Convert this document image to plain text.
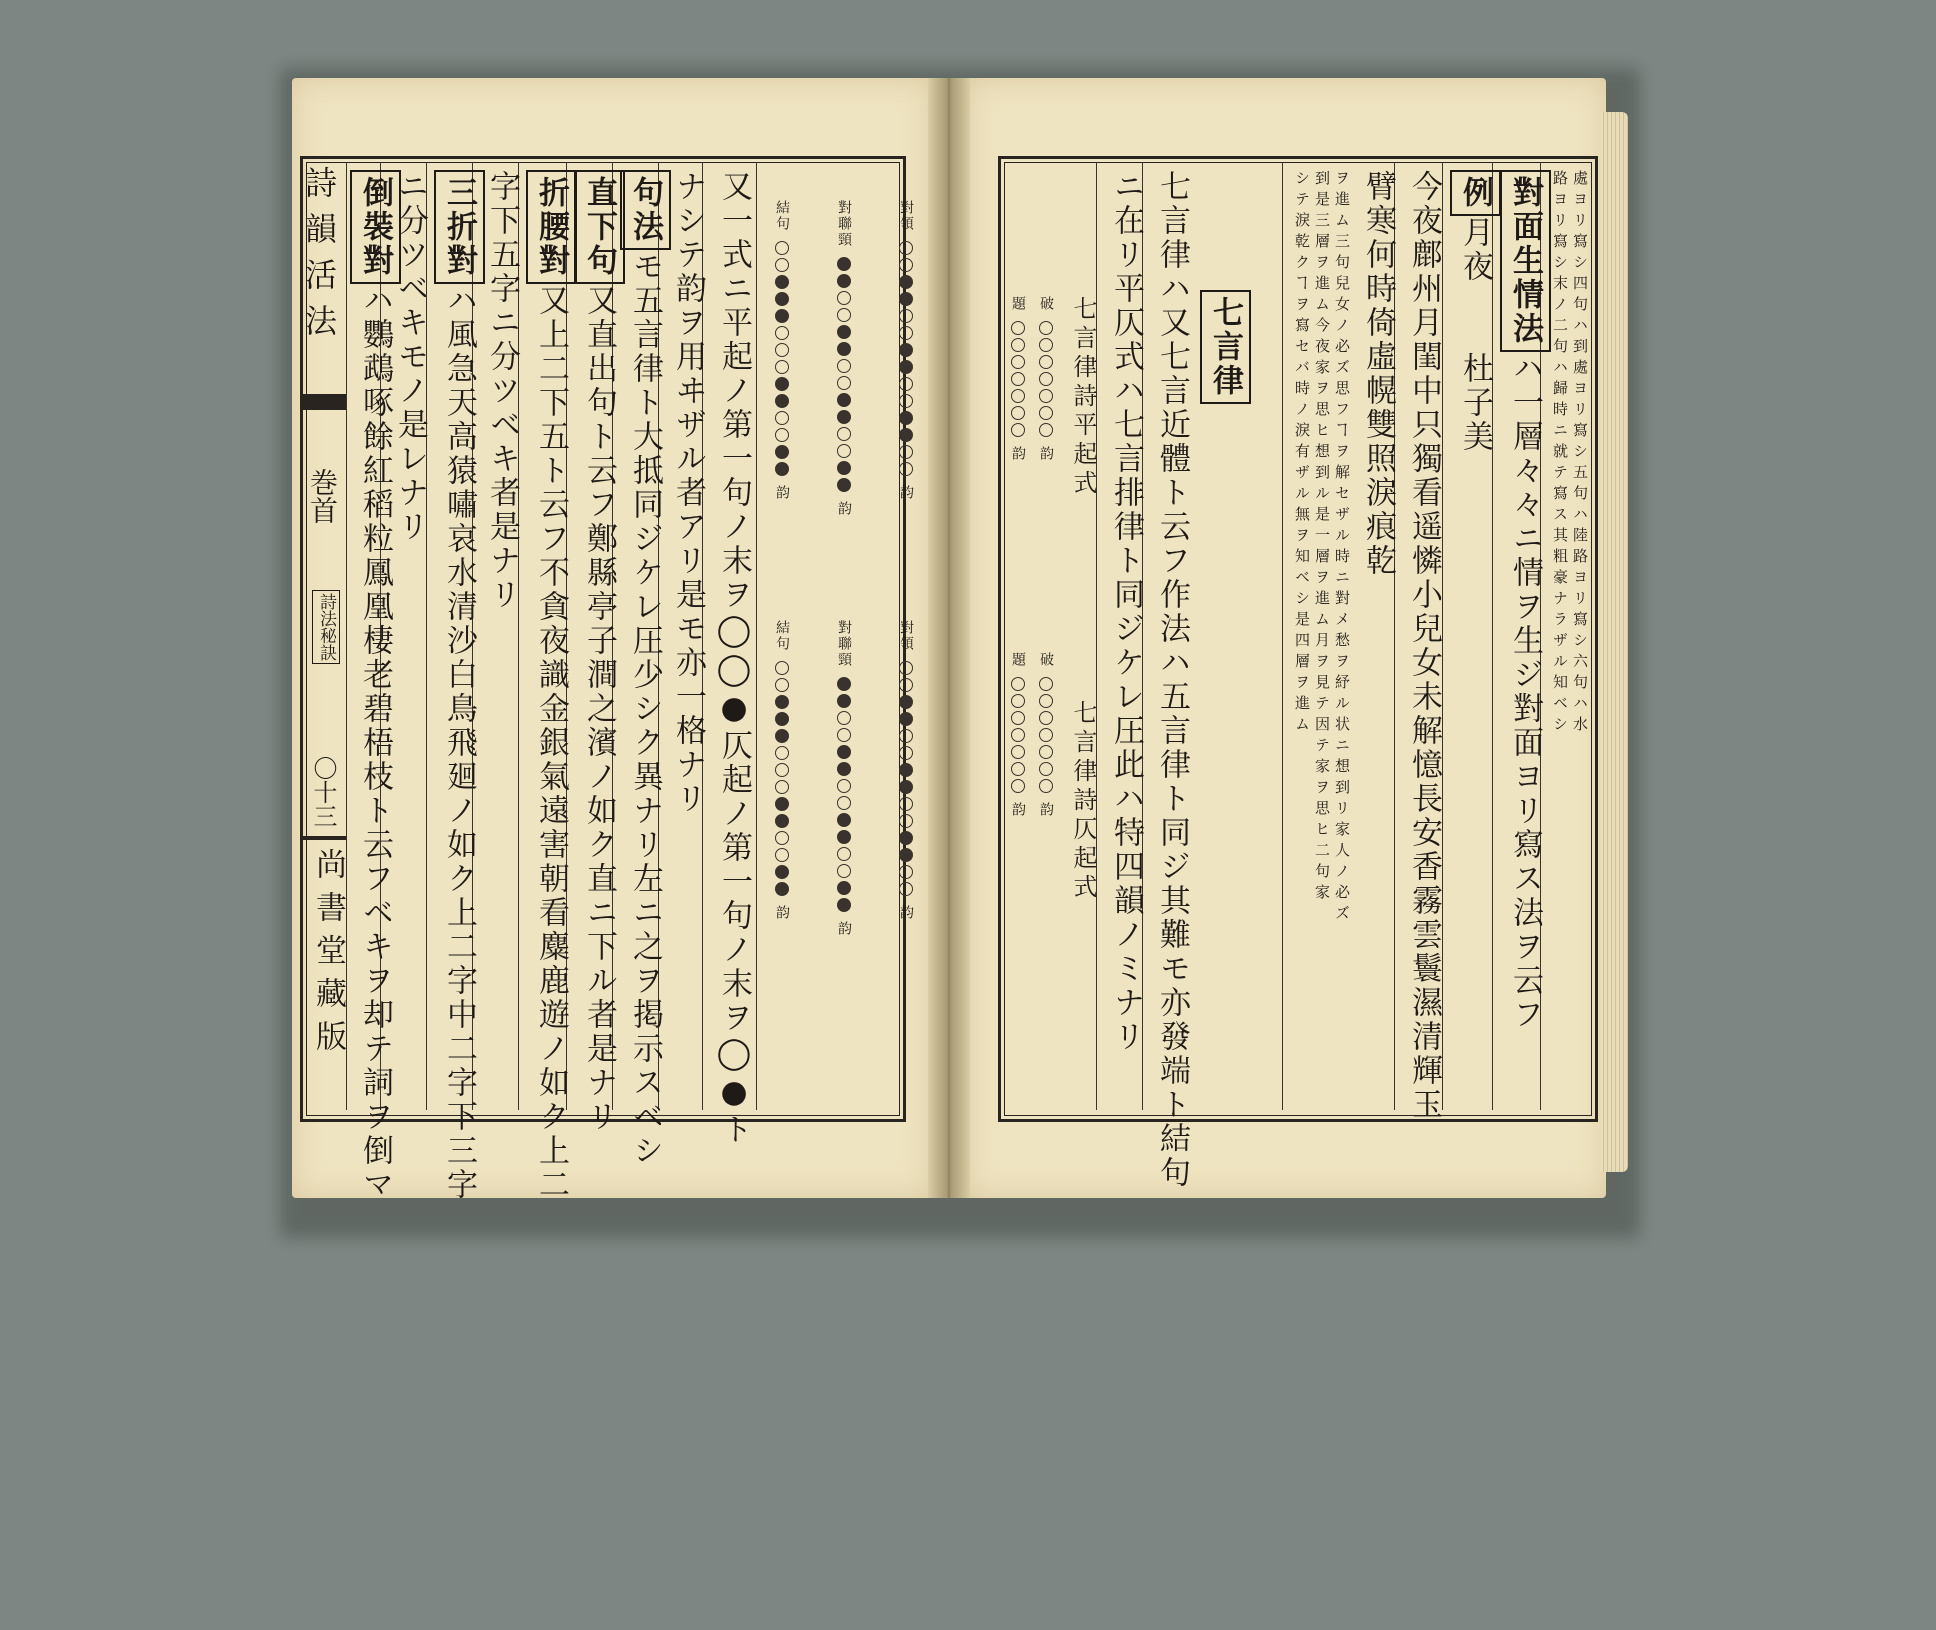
詩韻活法
巻首
詩法秘訣
〇十三
尚書堂藏版	又一式ニ平起ノ第一句ノ末ヲ◯◯●仄起ノ第一句ノ末ヲ◯●ト
ナシテ韵ヲ用ヰザル者アリ是モ亦一格ナリ
句法モ五言律ト大抵同ジケレ圧少シク異ナリ左ニ之ヲ掲示スベシ
直下句又直出句ト云フ鄭縣亭子澗之濱ノ如ク直ニ下ル者是ナリ
折腰對又上二下五ト云フ不貪夜識金銀氣遠害朝看麋鹿遊ノ如ク上二
字下五字ニ分ツベキ者是ナリ
三折對ハ風急天高猿嘯哀水清沙白鳥飛廻ノ如ク上二字中二字下三字
ニ分ツベキモノ是レナリ
倒裝對ハ鸚鵡啄餘紅稻粒鳳凰棲老碧梧枝ト云フベキヲ却テ詞ヲ倒マ
對領
韵
對聯頸
韵
結句
韵
對領
韵
對聯頸
韵
結句
韵
處ヨリ寫シ四句ハ到處ヨリ寫シ五句ハ陸路ヨリ寫シ六句ハ水
路ヨリ寫シ末ノ二句ハ歸時ニ就テ寫ス其粗豪ナラザル知ベシ
對面生情法ハ一層々々ニ情ヲ生ジ對面ヨリ寫ス法ヲ云フ
例月夜　　杜子美
今夜鄜州月閨中只獨看遥憐小兒女未解憶長安香霧雲鬟濕清輝玉
臂寒何時倚虛幌雙照淚痕乾
ヲ進ム三句兒女ノ必ズ思フヿヲ解セザル時ニ對メ愁ヲ紓ル状ニ想到リ家人ノ必ズ
到是三層ヲ進ム今夜家ヲ思ヒ想到ル是一層ヲ進ム月ヲ見テ因テ家ヲ思ヒ二句家
シテ淚乾クヿヲ寫セバ時ノ淚有ザル無ヲ知ベシ是四層ヲ進ム
七言律
七言律ハ又七言近體ト云フ作法ハ五言律ト同ジ其難モ亦發端ト結句
ニ在リ平仄式ハ七言排律ト同ジケレ圧此ハ特四韻ノミナリ
七言律詩平起式
七言律詩仄起式
破
韵
題
韵
破
韵
題
韵
